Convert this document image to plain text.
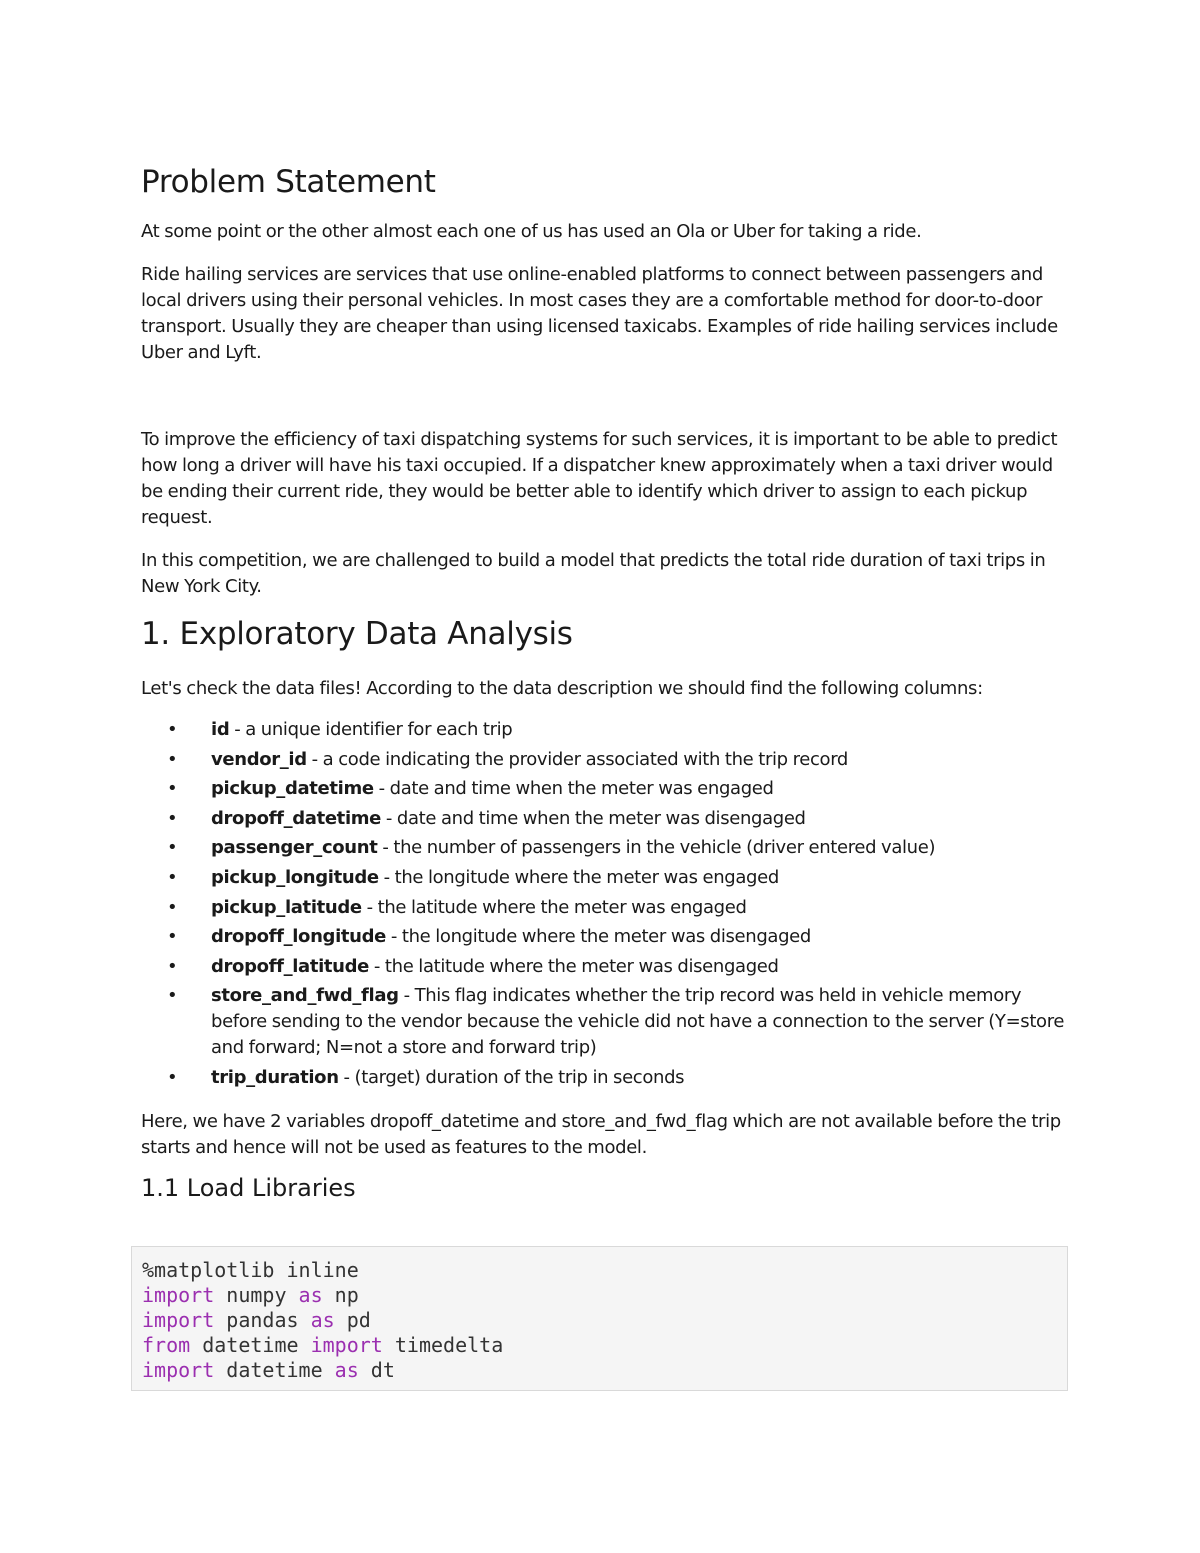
Problem Statement

At some point or the other almost each one of us has used an Ola or Uber for taking a ride.

Ride hailing services are services that use online-enabled platforms to connect between passengers and local drivers using their personal vehicles. In most cases they are a comfortable method for door-to-door transport. Usually they are cheaper than using licensed taxicabs. Examples of ride hailing services include Uber and Lyft.

To improve the efficiency of taxi dispatching systems for such services, it is important to be able to predict how long a driver will have his taxi occupied. If a dispatcher knew approximately when a taxi driver would be ending their current ride, they would be better able to identify which driver to assign to each pickup request.

In this competition, we are challenged to build a model that predicts the total ride duration of taxi trips in New York City.

1. Exploratory Data Analysis

Let's check the data files! According to the data description we should find the following columns:

• id - a unique identifier for each trip
• vendor_id - a code indicating the provider associated with the trip record
• pickup_datetime - date and time when the meter was engaged
• dropoff_datetime - date and time when the meter was disengaged
• passenger_count - the number of passengers in the vehicle (driver entered value)
• pickup_longitude - the longitude where the meter was engaged
• pickup_latitude - the latitude where the meter was engaged
• dropoff_longitude - the longitude where the meter was disengaged
• dropoff_latitude - the latitude where the meter was disengaged
• store_and_fwd_flag - This flag indicates whether the trip record was held in vehicle memory before sending to the vendor because the vehicle did not have a connection to the server (Y=store and forward; N=not a store and forward trip)
• trip_duration - (target) duration of the trip in seconds

Here, we have 2 variables dropoff_datetime and store_and_fwd_flag which are not available before the trip starts and hence will not be used as features to the model.

1.1 Load Libraries
%matplotlib inline
import numpy as np
import pandas as pd
from datetime import timedelta
import datetime as dt
